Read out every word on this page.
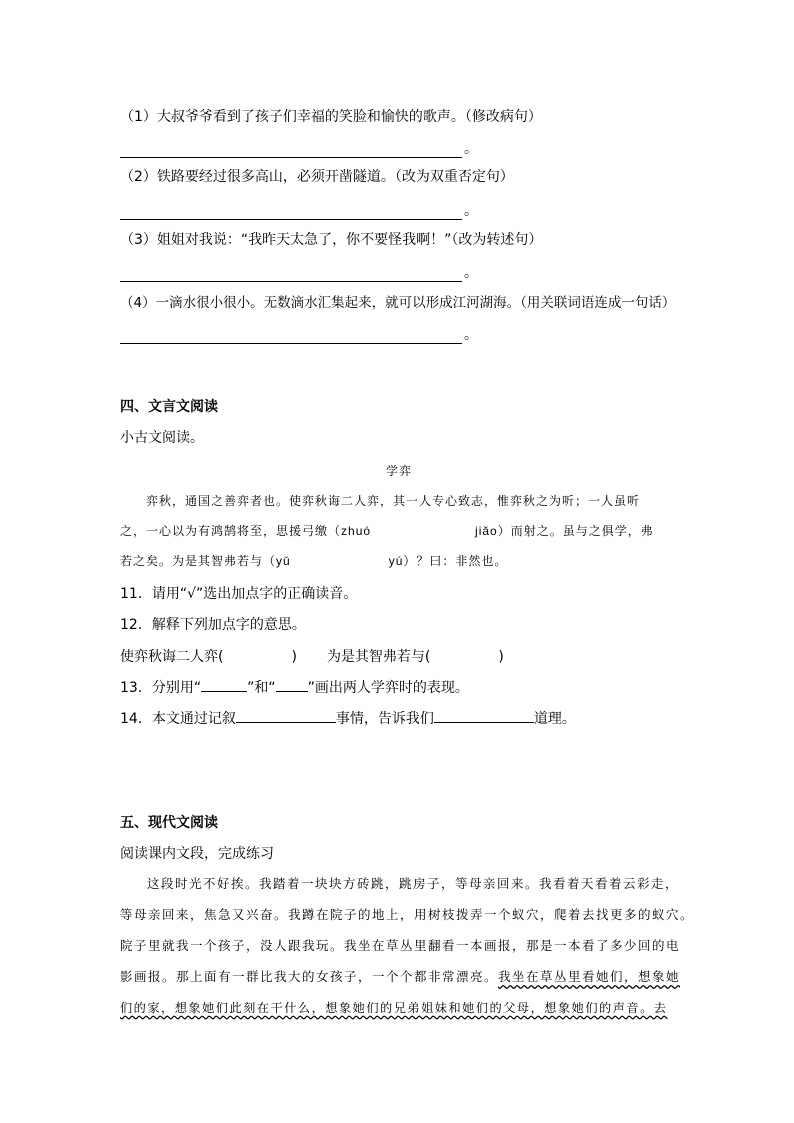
（1）大叔爷爷看到了孩子们幸福的笑脸和愉快的歌声。（修改病句）
。
（2）铁路要经过很多高山，必须开凿隧道。（改为双重否定句）
。
（3）姐姐对我说：“我昨天太急了，你不要怪我啊！”（改为转述句）
。
（4）一滴水很小很小。无数滴水汇集起来，就可以形成江河湖海。（用关联词语连成一句话）
。
四、文言文阅读
小古文阅读。
学弈
弈秋，通国之善弈者也。使弈秋诲二人弈，其一人专心致志，惟弈秋之为听；一人虽听
之，一心以为有鸿鹄将至，思援弓缴（zhuó	jiǎo）而射之。虽与之俱学，弗
若之矣。为是其智弗若与（yǔ	yú）？曰：非然也。
11．请用“√”选出加点字的正确读音。
12．解释下列加点字的意思。
使弈秋诲二人弈(	) 为是其智弗若与(	)
13．分别用“	”和“ ”画出两人学弈时的表现。
14．本文通过记叙	事情，告诉我们	道理。
五、现代文阅读
阅读课内文段，完成练习
这段时光不好挨。我踏着一块块方砖跳，跳房子，等母亲回来。我看着天看着云彩走，
等母亲回来，焦急又兴奋。我蹲在院子的地上，用树枝拨弄一个蚁穴，爬着去找更多的蚁穴。
院子里就我一个孩子，没人跟我玩。我坐在草丛里翻看一本画报，那是一本看了多少回的电
影画报。那上面有一群比我大的女孩子，一个个都非常漂亮。我坐在草丛里看她们，想象她
们的家，想象她们此刻在干什么，想象她们的兄弟姐妹和她们的父母，想象她们的声音。去
